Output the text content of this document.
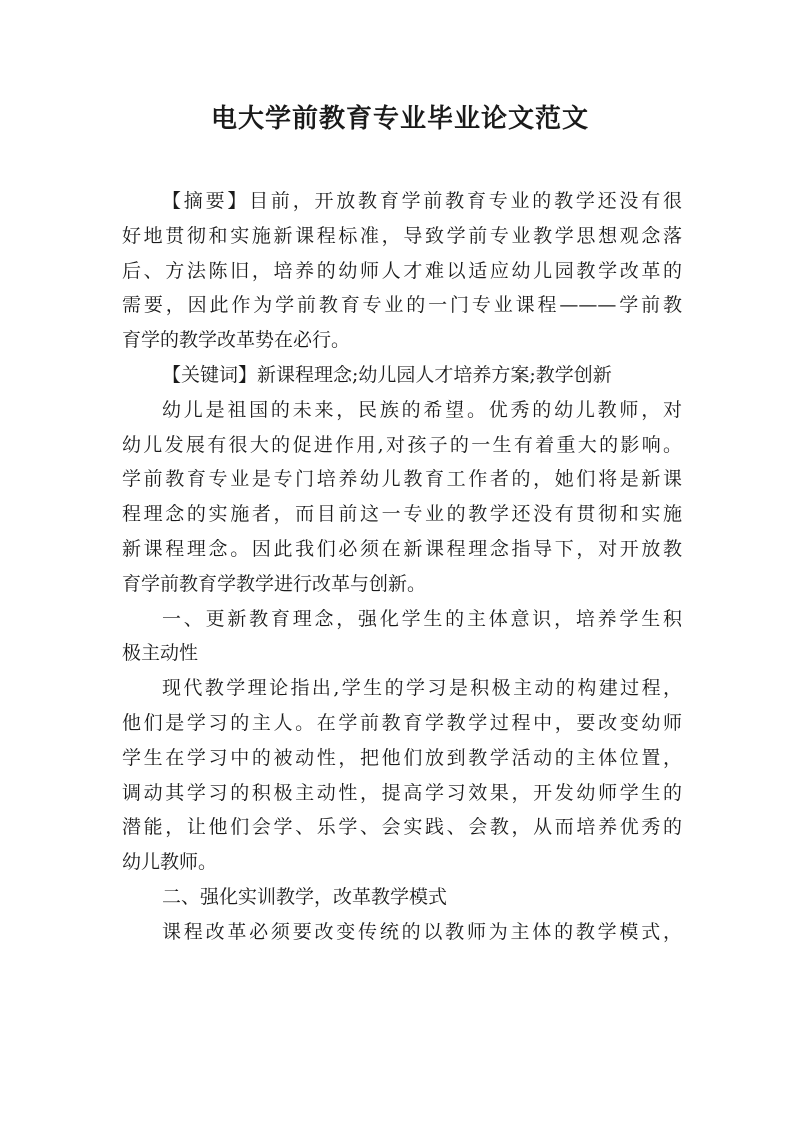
电大学前教育专业毕业论文范文
【摘要】目前，开放教育学前教育专业的教学还没有很
好地贯彻和实施新课程标准，导致学前专业教学思想观念落
后、方法陈旧，培养的幼师人才难以适应幼儿园教学改革的
需要，因此作为学前教育专业的一门专业课程———学前教
育学的教学改革势在必行。
【关键词】新课程理念;幼儿园人才培养方案;教学创新
幼儿是祖国的未来，民族的希望。优秀的幼儿教师，对
幼儿发展有很大的促进作用,对孩子的一生有着重大的影响。
学前教育专业是专门培养幼儿教育工作者的，她们将是新课
程理念的实施者，而目前这一专业的教学还没有贯彻和实施
新课程理念。因此我们必须在新课程理念指导下，对开放教
育学前教育学教学进行改革与创新。
一、更新教育理念，强化学生的主体意识，培养学生积
极主动性
现代教学理论指出,学生的学习是积极主动的构建过程，
他们是学习的主人。在学前教育学教学过程中，要改变幼师
学生在学习中的被动性，把他们放到教学活动的主体位置，
调动其学习的积极主动性，提高学习效果，开发幼师学生的
潜能，让他们会学、乐学、会实践、会教，从而培养优秀的
幼儿教师。
二、强化实训教学，改革教学模式
课程改革必须要改变传统的以教师为主体的教学模式，
